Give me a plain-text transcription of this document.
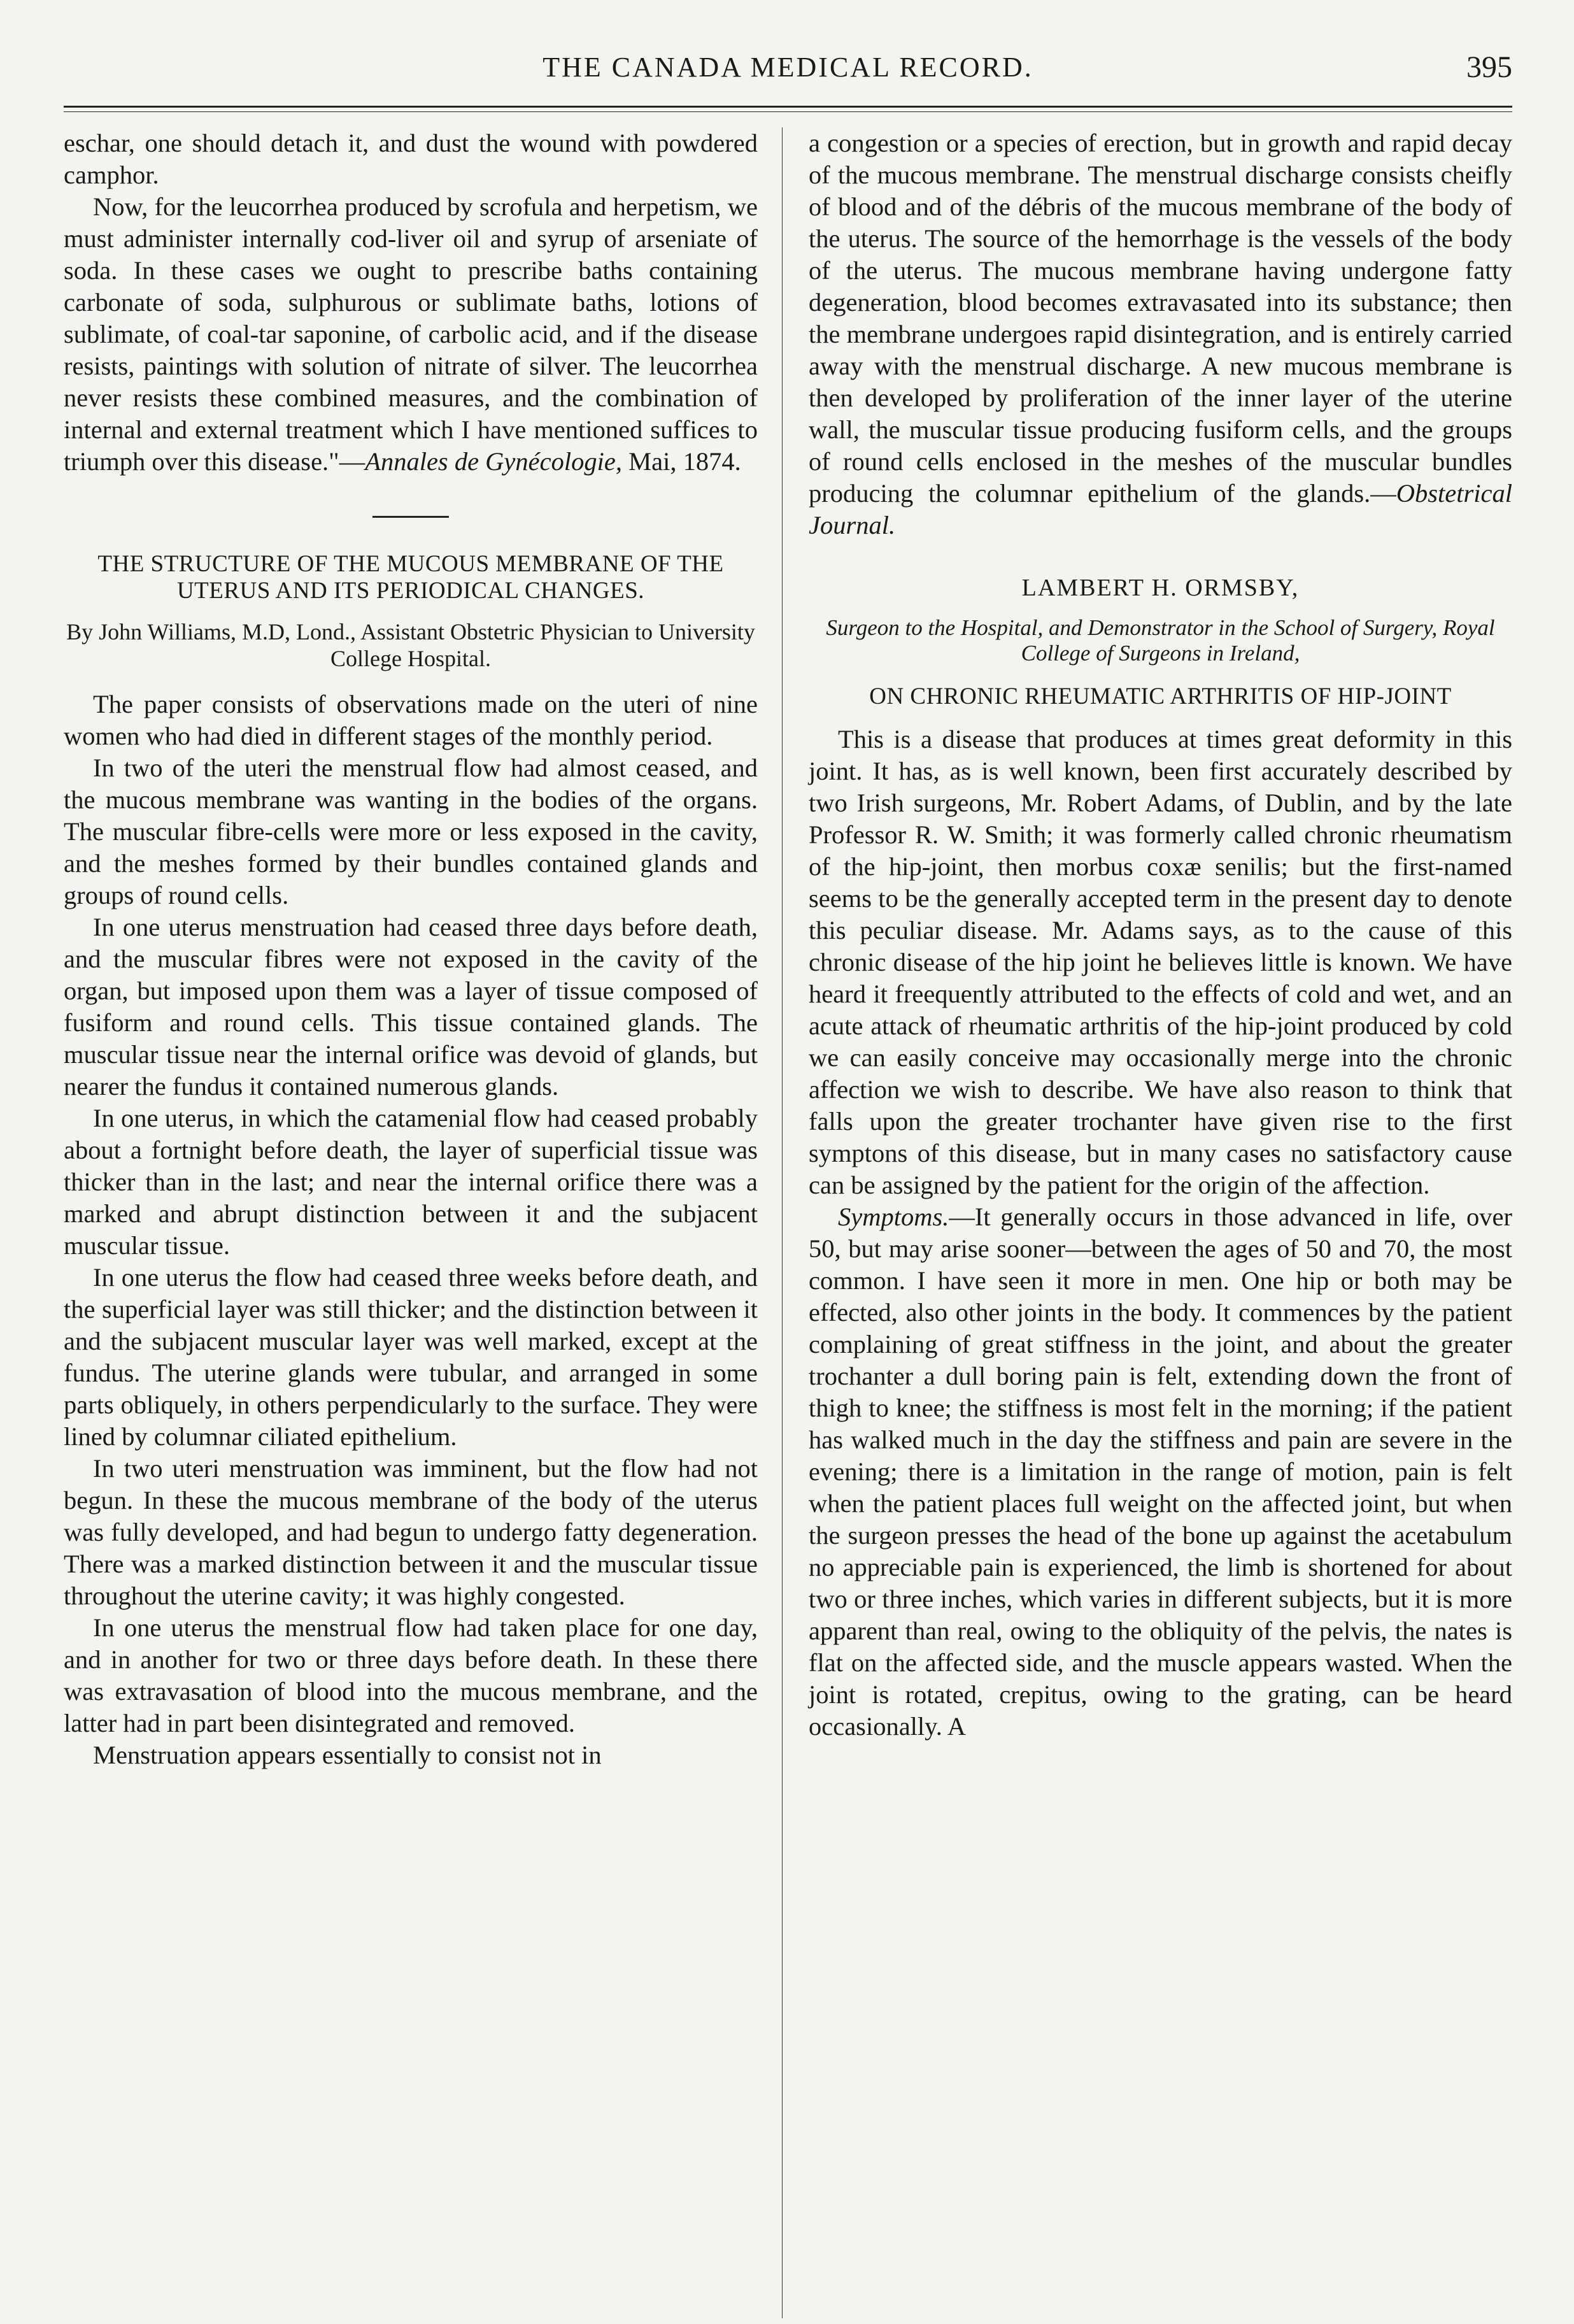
THE CANADA MEDICAL RECORD.	395

eschar, one should detach it, and dust the wound with powdered camphor.

Now, for the leucorrhea produced by scrofula and herpetism, we must administer internally cod-liver oil and syrup of arseniate of soda. In these cases we ought to prescribe baths containing carbonate of soda, sulphurous or sublimate baths, lotions of sublimate, of coal-tar saponine, of carbolic acid, and if the disease resists, paintings with solution of nitrate of silver. The leucorrhea never resists these combined measures, and the combination of internal and external treatment which I have mentioned suffices to triumph over this disease."—Annales de Gynécologie, Mai, 1874.

THE STRUCTURE OF THE MUCOUS MEMBRANE OF THE UTERUS AND ITS PERIODICAL CHANGES.

By John Williams, M.D, Lond., Assistant Obstetric Physician to University College Hospital.

The paper consists of observations made on the uteri of nine women who had died in different stages of the monthly period.

In two of the uteri the menstrual flow had almost ceased, and the mucous membrane was wanting in the bodies of the organs. The muscular fibre-cells were more or less exposed in the cavity, and the meshes formed by their bundles contained glands and groups of round cells.

In one uterus menstruation had ceased three days before death, and the muscular fibres were not exposed in the cavity of the organ, but imposed upon them was a layer of tissue composed of fusiform and round cells. This tissue contained glands. The muscular tissue near the internal orifice was devoid of glands, but nearer the fundus it contained numerous glands.

In one uterus, in which the catamenial flow had ceased probably about a fortnight before death, the layer of superficial tissue was thicker than in the last; and near the internal orifice there was a marked and abrupt distinction between it and the subjacent muscular tissue.

In one uterus the flow had ceased three weeks before death, and the superficial layer was still thicker; and the distinction between it and the subjacent muscular layer was well marked, except at the fundus. The uterine glands were tubular, and arranged in some parts obliquely, in others perpendicularly to the surface. They were lined by columnar ciliated epithelium.

In two uteri menstruation was imminent, but the flow had not begun. In these the mucous membrane of the body of the uterus was fully developed, and had begun to undergo fatty degeneration. There was a marked distinction between it and the muscular tissue throughout the uterine cavity; it was highly congested.

In one uterus the menstrual flow had taken place for one day, and in another for two or three days before death. In these there was extravasation of blood into the mucous membrane, and the latter had in part been disintegrated and removed.

Menstruation appears essentially to consist not in

a congestion or a species of erection, but in growth and rapid decay of the mucous membrane. The menstrual discharge consists cheifly of blood and of the débris of the mucous membrane of the body of the uterus. The source of the hemorrhage is the vessels of the body of the uterus. The mucous membrane having undergone fatty degeneration, blood becomes extravasated into its substance; then the membrane undergoes rapid disintegration, and is entirely carried away with the menstrual discharge. A new mucous membrane is then developed by proliferation of the inner layer of the uterine wall, the muscular tissue producing fusiform cells, and the groups of round cells enclosed in the meshes of the muscular bundles producing the columnar epithelium of the glands.—Obstetrical Journal.

LAMBERT H. ORMSBY,

Surgeon to the Hospital, and Demonstrator in the School of Surgery, Royal College of Surgeons in Ireland,

ON CHRONIC RHEUMATIC ARTHRITIS OF HIP-JOINT

This is a disease that produces at times great deformity in this joint. It has, as is well known, been first accurately described by two Irish surgeons, Mr. Robert Adams, of Dublin, and by the late Professor R. W. Smith; it was formerly called chronic rheumatism of the hip-joint, then morbus coxæ senilis; but the first-named seems to be the generally accepted term in the present day to denote this peculiar disease. Mr. Adams says, as to the cause of this chronic disease of the hip joint he believes little is known. We have heard it freequently attributed to the effects of cold and wet, and an acute attack of rheumatic arthritis of the hip-joint produced by cold we can easily conceive may occasionally merge into the chronic affection we wish to describe. We have also reason to think that falls upon the greater trochanter have given rise to the first symptons of this disease, but in many cases no satisfactory cause can be assigned by the patient for the origin of the affection.

Symptoms.—It generally occurs in those advanced in life, over 50, but may arise sooner—between the ages of 50 and 70, the most common. I have seen it more in men. One hip or both may be effected, also other joints in the body. It commences by the patient complaining of great stiffness in the joint, and about the greater trochanter a dull boring pain is felt, extending down the front of thigh to knee; the stiffness is most felt in the morning; if the patient has walked much in the day the stiffness and pain are severe in the evening; there is a limitation in the range of motion, pain is felt when the patient places full weight on the affected joint, but when the surgeon presses the head of the bone up against the acetabulum no appreciable pain is experienced, the limb is shortened for about two or three inches, which varies in different subjects, but it is more apparent than real, owing to the obliquity of the pelvis, the nates is flat on the affected side, and the muscle appears wasted. When the joint is rotated, crepitus, owing to the grating, can be heard occasionally. A
